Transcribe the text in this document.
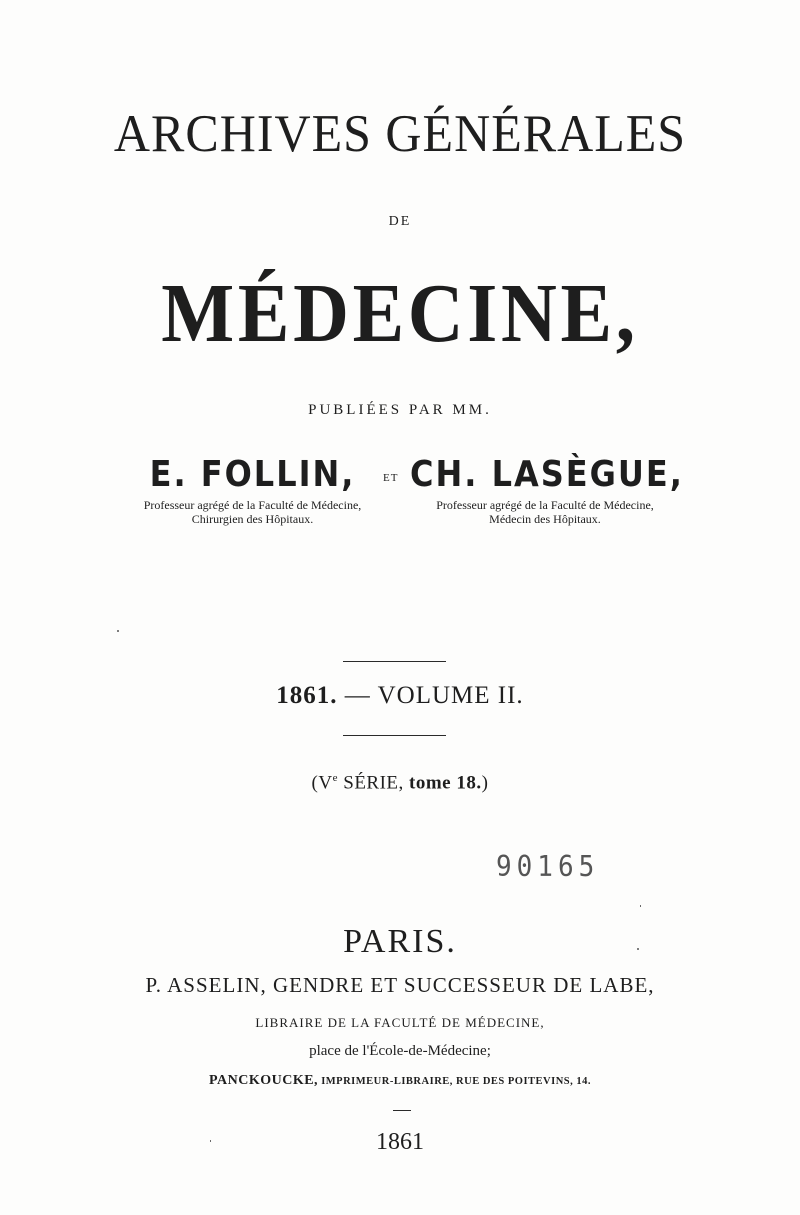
ARCHIVES GÉNÉRALES
DE
MÉDECINE,
PUBLIÉES PAR MM.
E. FOLLIN,
Professeur agrégé de la Faculté de Médecine,
Chirurgien des Hôpitaux.
ET CH. LASÈGUE,
Professeur agrégé de la Faculté de Médecine,
Médecin des Hôpitaux.
1861. — VOLUME II.
(Ve SÉRIE, tome 18.)
90165
PARIS.
P. ASSELIN, GENDRE ET SUCCESSEUR DE LABE,
LIBRAIRE DE LA FACULTÉ DE MÉDECINE,
place de l'École-de-Médecine;
PANCKOUCKE, IMPRIMEUR-LIBRAIRE, RUE DES POITEVINS, 14.
1861
